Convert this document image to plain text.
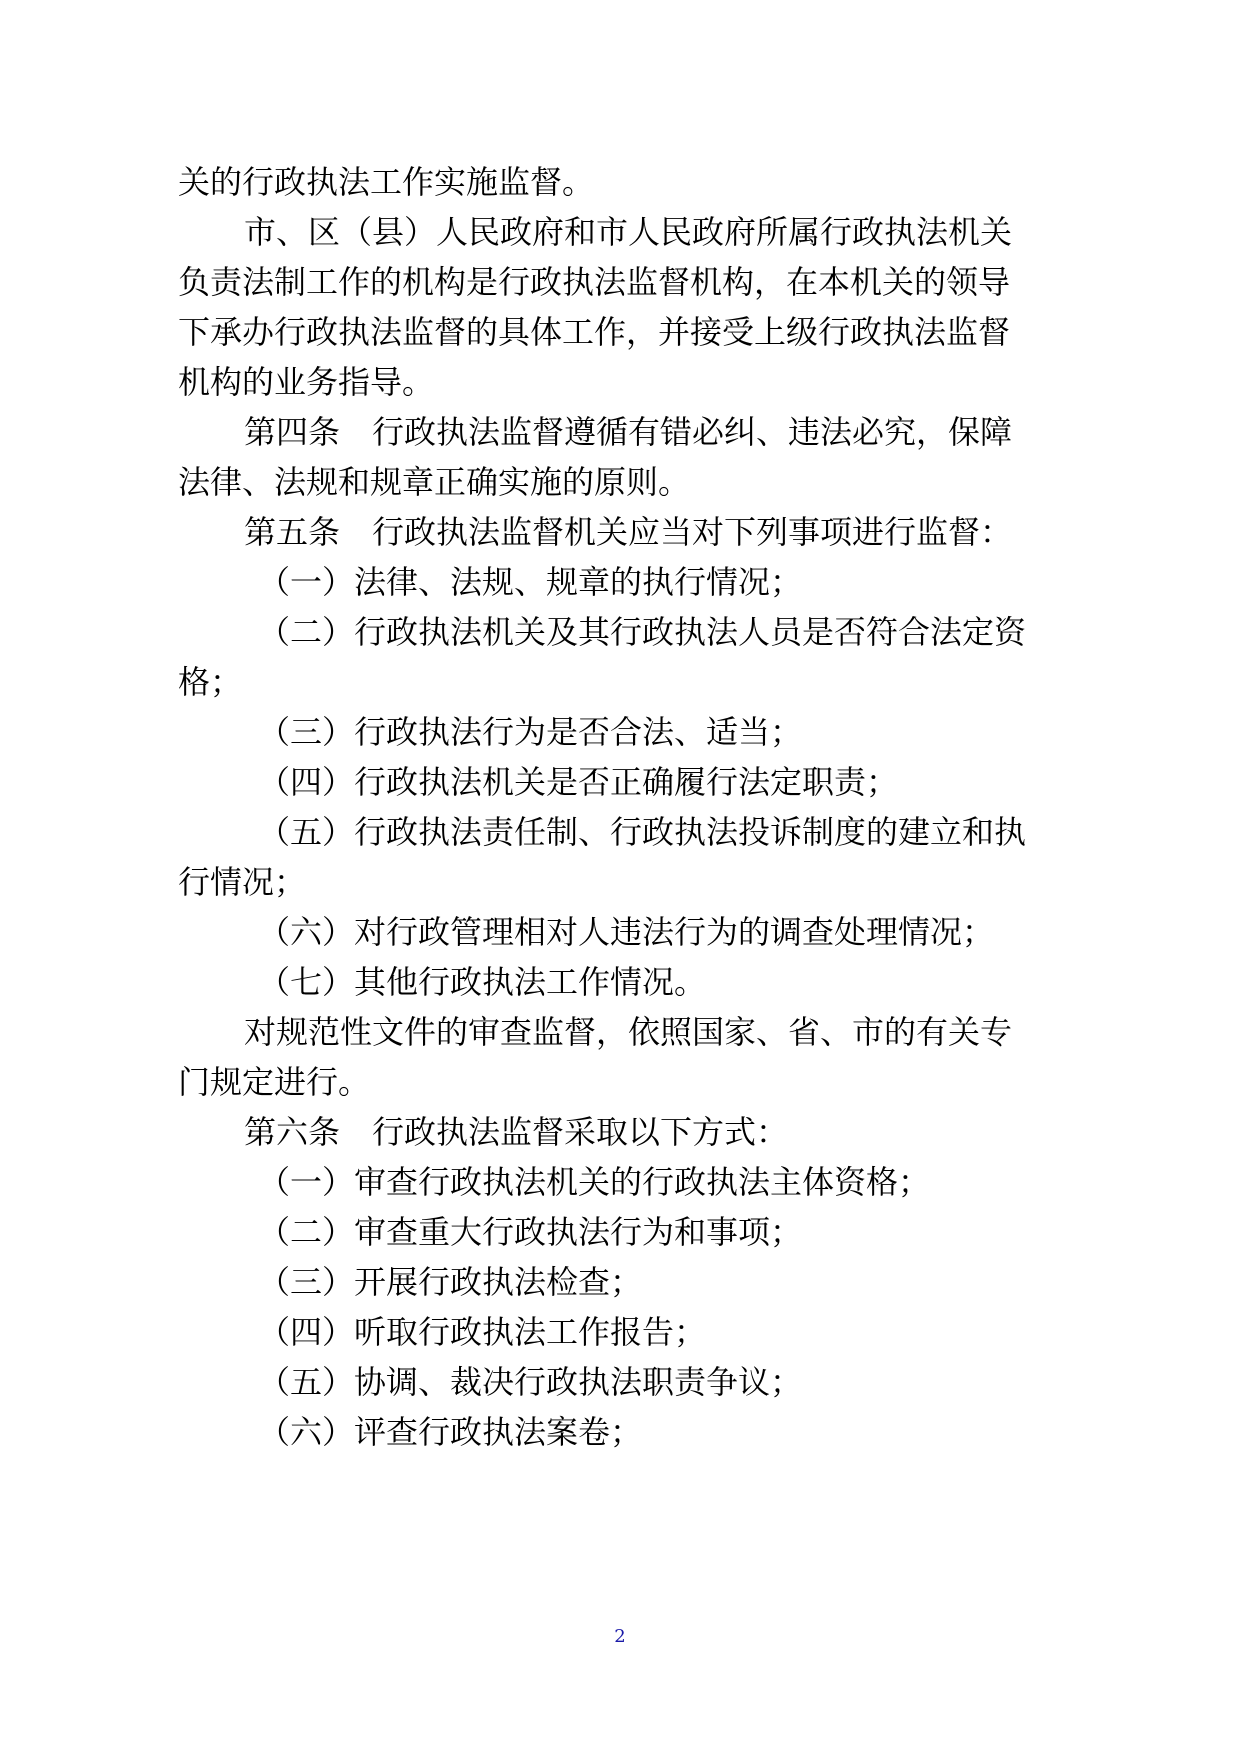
关的行政执法工作实施监督。

市、区（县）人民政府和市人民政府所属行政执法机关

负责法制工作的机构是行政执法监督机构，在本机关的领导

下承办行政执法监督的具体工作，并接受上级行政执法监督

机构的业务指导。

第四条　行政执法监督遵循有错必纠、违法必究，保障

法律、法规和规章正确实施的原则。

第五条　行政执法监督机关应当对下列事项进行监督：

（一）法律、法规、规章的执行情况；

（二）行政执法机关及其行政执法人员是否符合法定资

格；

（三）行政执法行为是否合法、适当；

（四）行政执法机关是否正确履行法定职责；

（五）行政执法责任制、行政执法投诉制度的建立和执

行情况；

（六）对行政管理相对人违法行为的调查处理情况；

（七）其他行政执法工作情况。

对规范性文件的审查监督，依照国家、省、市的有关专

门规定进行。

第六条　行政执法监督采取以下方式：

（一）审查行政执法机关的行政执法主体资格；

（二）审查重大行政执法行为和事项；

（三）开展行政执法检查；

（四）听取行政执法工作报告；

（五）协调、裁决行政执法职责争议；

（六）评查行政执法案卷；

2
